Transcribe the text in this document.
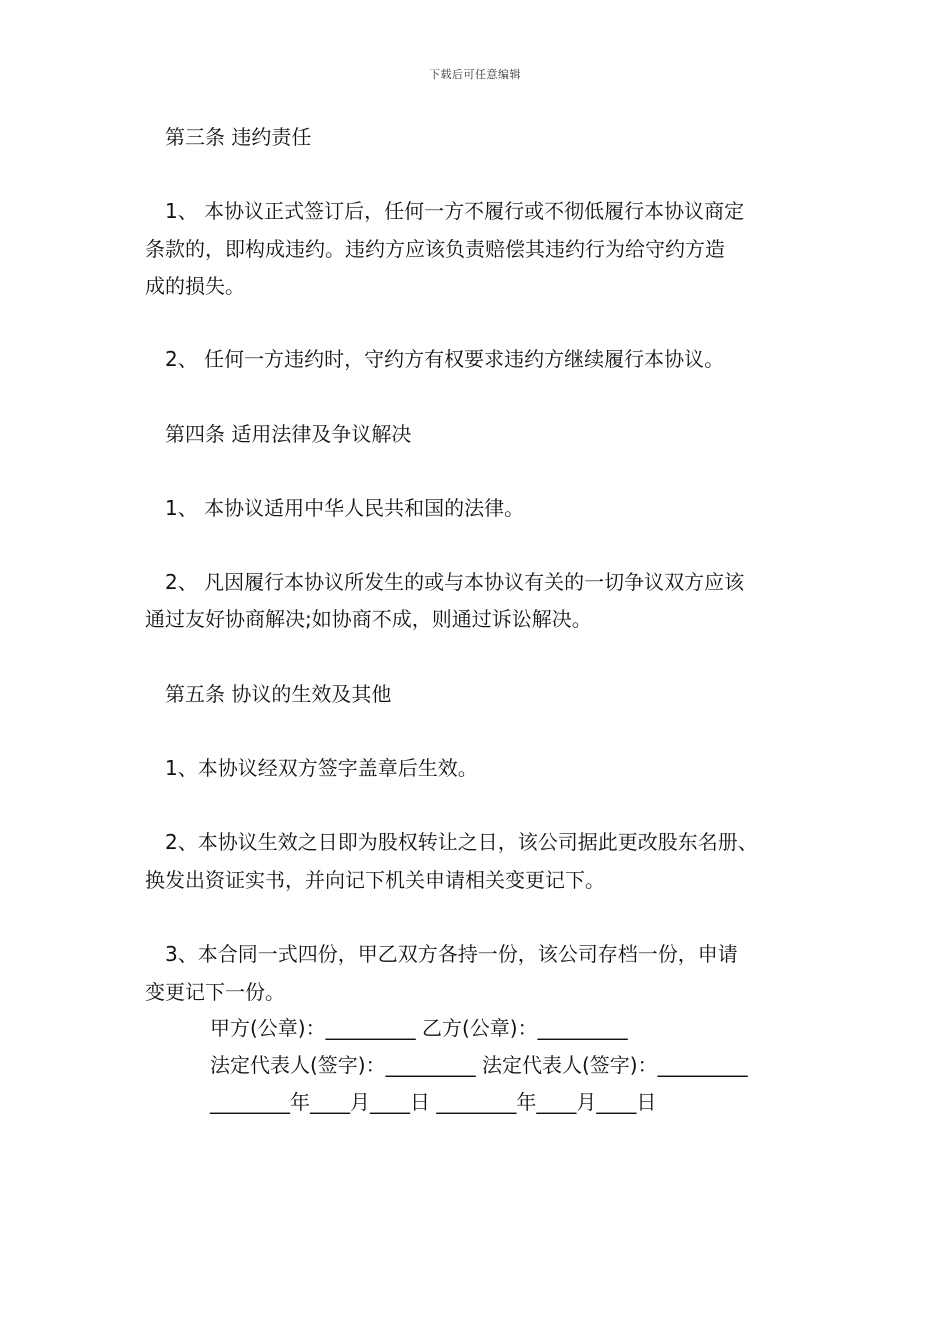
下载后可任意编辑
第三条 违约责任
1、 本协议正式签订后，任何一方不履行或不彻低履行本协议商定
条款的，即构成违约。违约方应该负责赔偿其违约行为给守约方造
成的损失。
2、 任何一方违约时，守约方有权要求违约方继续履行本协议。
第四条 适用法律及争议解决
1、 本协议适用中华人民共和国的法律。
2、 凡因履行本协议所发生的或与本协议有关的一切争议双方应该
通过友好协商解决;如协商不成，则通过诉讼解决。
第五条 协议的生效及其他
1、本协议经双方签字盖章后生效。
2、本协议生效之日即为股权转让之日，该公司据此更改股东名册、
换发出资证实书，并向记下机关申请相关变更记下。
3、本合同一式四份，甲乙双方各持一份，该公司存档一份，申请
变更记下一份。
甲方(公章)：_________ 乙方(公章)：_________
法定代表人(签字)：_________ 法定代表人(签字)：_________
________年____月____日 ________年____月____日
